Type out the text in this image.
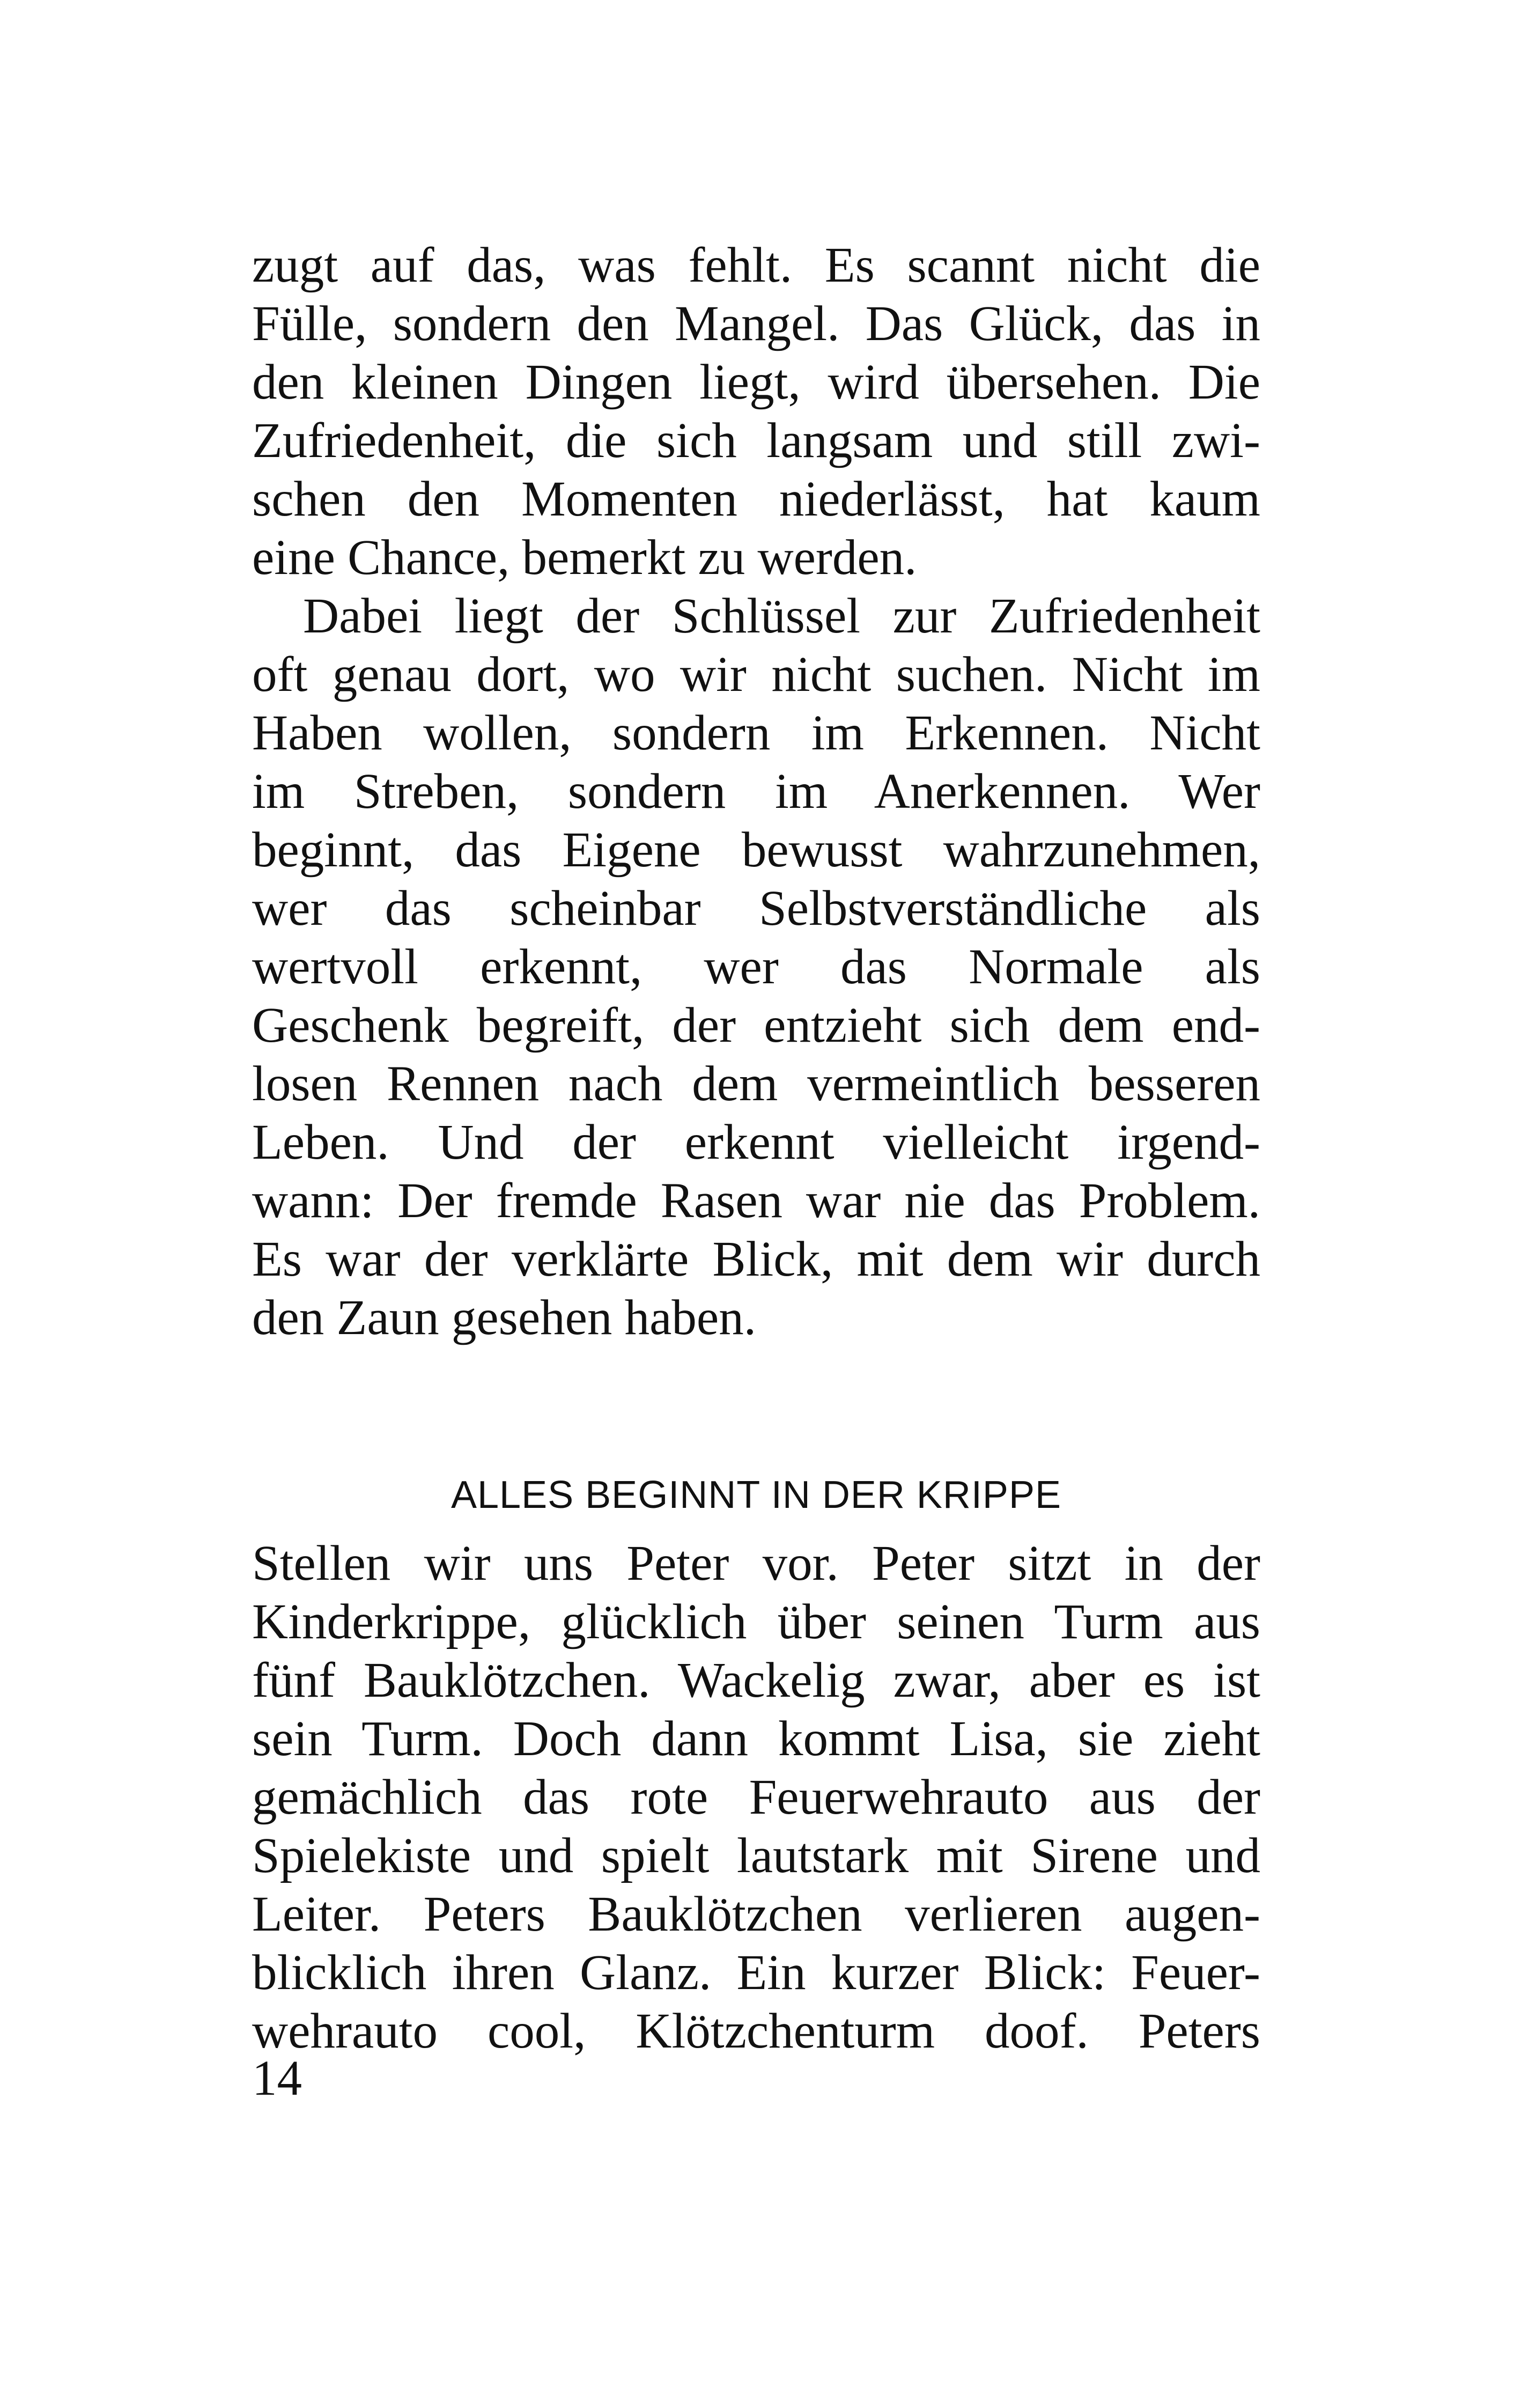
zugt auf das, was fehlt. Es scannt nicht die
Fülle, sondern den Mangel. Das Glück, das in
den kleinen Dingen liegt, wird übersehen. Die
Zufriedenheit, die sich langsam und still zwi-
schen den Momenten niederlässt, hat kaum
eine Chance, bemerkt zu werden.
Dabei liegt der Schlüssel zur Zufriedenheit
oft genau dort, wo wir nicht suchen. Nicht im
Haben wollen, sondern im Erkennen. Nicht
im Streben, sondern im Anerkennen. Wer
beginnt, das Eigene bewusst wahrzunehmen,
wer das scheinbar Selbstverständliche als
wertvoll erkennt, wer das Normale als
Geschenk begreift, der entzieht sich dem end-
losen Rennen nach dem vermeintlich besseren
Leben. Und der erkennt vielleicht irgend-
wann: Der fremde Rasen war nie das Problem.
Es war der verklärte Blick, mit dem wir durch
den Zaun gesehen haben.
ALLES BEGINNT IN DER KRIPPE
Stellen wir uns Peter vor. Peter sitzt in der
Kinderkrippe, glücklich über seinen Turm aus
fünf Bauklötzchen. Wackelig zwar, aber es ist
sein Turm. Doch dann kommt Lisa, sie zieht
gemächlich das rote Feuerwehrauto aus der
Spielekiste und spielt lautstark mit Sirene und
Leiter. Peters Bauklötzchen verlieren augen-
blicklich ihren Glanz. Ein kurzer Blick: Feuer-
wehrauto cool, Klötzchenturm doof. Peters
14
